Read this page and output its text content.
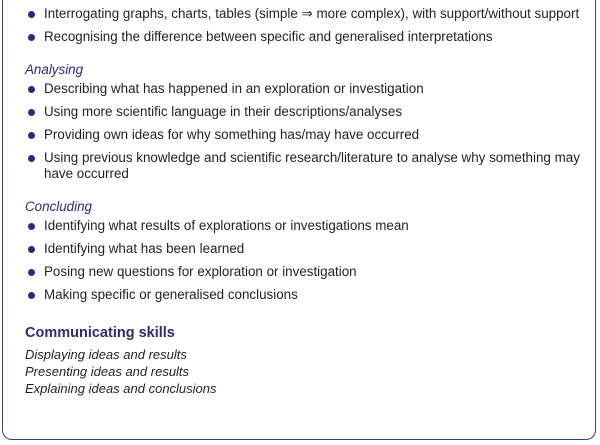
Interrogating graphs, charts, tables (simple ⇒ more complex), with support/without support
Recognising the difference between specific and generalised interpretations

Analysing

Describing what has happened in an exploration or investigation
Using more scientific language in their descriptions/analyses
Providing own ideas for why something has/may have occurred
Using previous knowledge and scientific research/literature to analyse why something may have occurred

Concluding

Identifying what results of explorations or investigations mean
Identifying what has been learned
Posing new questions for exploration or investigation
Making specific or generalised conclusions

Communicating skills

Displaying ideas and results

Presenting ideas and results

Explaining ideas and conclusions
